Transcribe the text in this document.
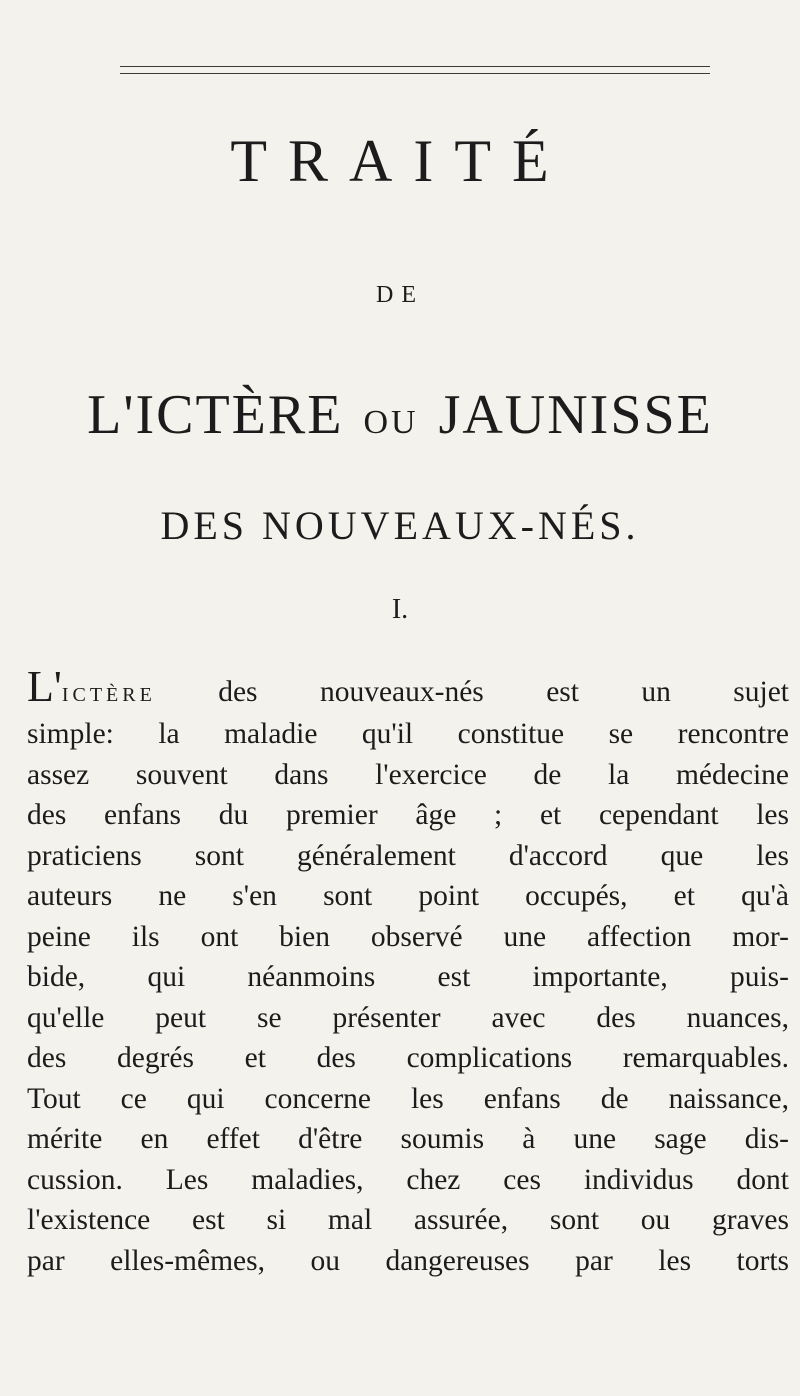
TRAITÉ
DE
L'ICTÈRE OU JAUNISSE
DES NOUVEAUX-NÉS.
I.
L'ICTÈRE des nouveaux-nés est un sujet
simple: la maladie qu'il constitue se rencontre
assez souvent dans l'exercice de la médecine
des enfans du premier âge ; et cependant les
praticiens sont généralement d'accord que les
auteurs ne s'en sont point occupés, et qu'à
peine ils ont bien observé une affection mor-
bide, qui néanmoins est importante, puis-
qu'elle peut se présenter avec des nuances,
des degrés et des complications remarquables.
Tout ce qui concerne les enfans de naissance,
mérite en effet d'être soumis à une sage dis-
cussion. Les maladies, chez ces individus dont
l'existence est si mal assurée, sont ou graves
par elles-mêmes, ou dangereuses par les torts
